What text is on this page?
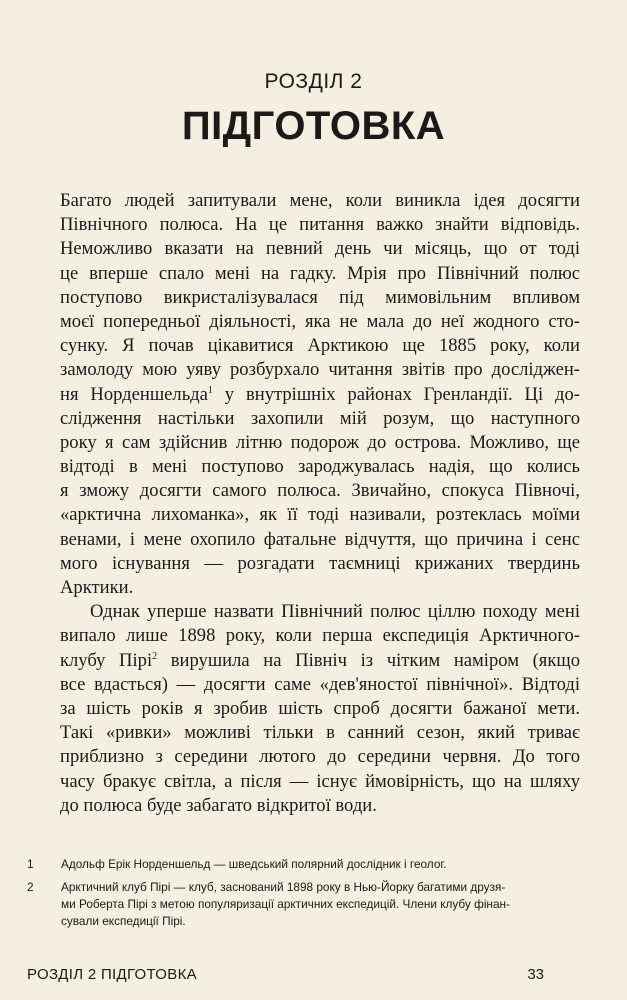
РОЗДІЛ 2
ПІДГОТОВКА
Багато людей запитували мене, коли виникла ідея досягти
Північного полюса. На це питання важко знайти відповідь.
Неможливо вказати на певний день чи місяць, що от тоді
це вперше спало мені на гадку. Мрія про Північний полюс
поступово викристалізувалася під мимовільним впливом
моєї попередньої діяльності, яка не мала до неї жодного сто-
сунку. Я почав цікавитися Арктикою ще 1885 року, коли
замолоду мою уяву розбурхало читання звітів про досліджен-
ня Норденшельда$^1$ у внутрішніх районах Гренландії. Ці до-
слідження настільки захопили мій розум, що наступного
року я сам здійснив літню подорож до острова. Можливо, ще
відтоді в мені поступово зароджувалась надія, що колись
я зможу досягти самого полюса. Звичайно, спокуса Півночі,
«арктична лихоманка», як її тоді називали, розтеклась моїми
венами, і мене охопило фатальне відчуття, що причина і сенс
мого існування — розгадати таємниці крижаних твердинь
Арктики.
Однак уперше назвати Північний полюс ціллю походу мені
випало лише 1898 року, коли перша експедиція Арктичного-
клубу Пірі$^2$ вирушила на Північ із чітким наміром (якщо
все вдасться) — досягти саме «дев'яностої північної». Відтоді
за шість років я зробив шість спроб досягти бажаної мети.
Такі «ривки» можливі тільки в санний сезон, який триває
приблизно з середини лютого до середини червня. До того
часу бракує світла, а після — існує ймовірність, що на шляху
до полюса буде забагато відкритої води.
1 Адольф Ерік Норденшельд — шведський полярний дослідник і геолог.
2 Арктичний клуб Пірі — клуб, заснований 1898 року в Нью-Йорку багатими друзя-
ми Роберта Пірі з метою популяризації арктичних експедицій. Члени клубу фінан-
сували експедиції Пірі.
РОЗДІЛ 2 ПІДГОТОВКА	33
